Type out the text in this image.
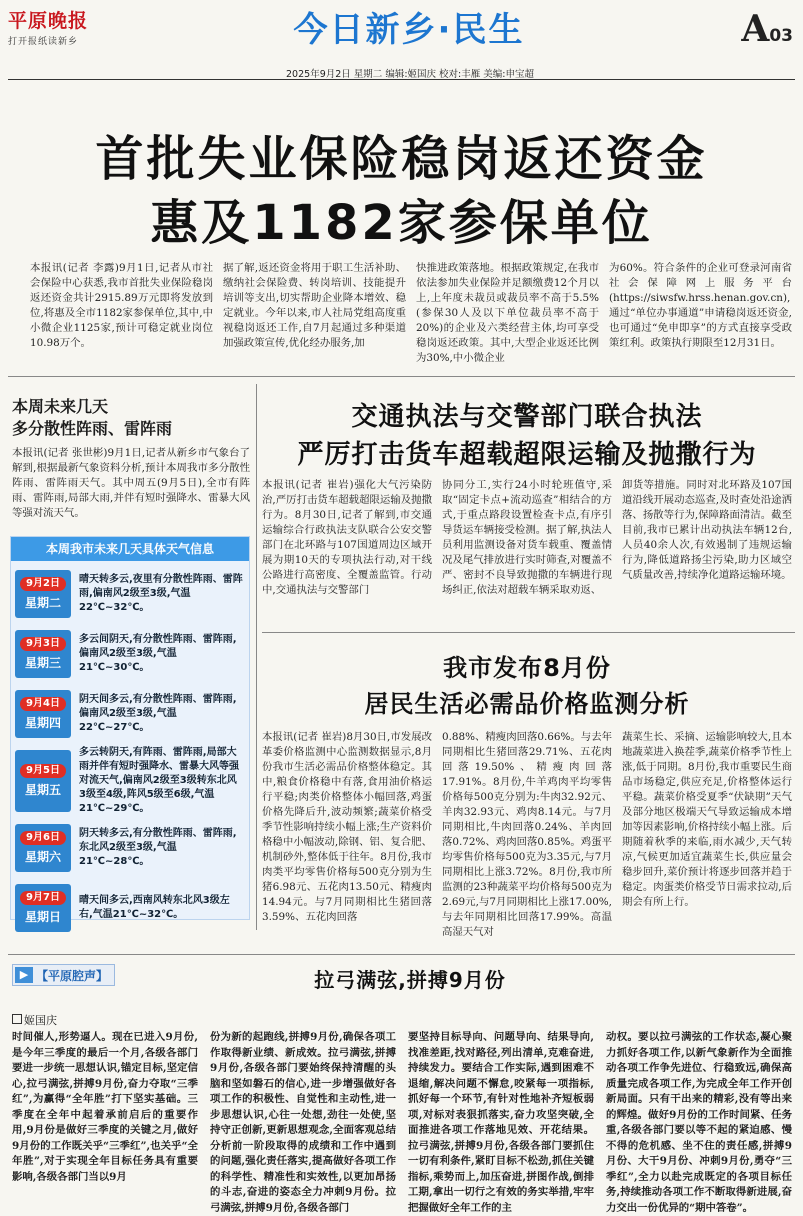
平原晚报
打开报纸读新乡	今日新乡·民生	A03
2025年9月2日 星期二 编辑:姬国庆 校对:丰雁 美编:申宝超
首批失业保险稳岗返还资金
惠及1182家参保单位
本报讯(记者 李露)9月1日,记者从市社会保险中心获悉,我市首批失业保险稳岗返还资金共计2915.89万元即将发放到位,将惠及全市1182家参保单位,其中,中小微企业1125家,预计可稳定就业岗位10.98万个。
据了解,返还资金将用于职工生活补助、缴纳社会保险费、转岗培训、技能提升培训等支出,切实帮助企业降本增效、稳定就业。今年以来,市人社局党组高度重视稳岗返还工作,自7月起通过多种渠道加强政策宣传,优化经办服务,加
快推进政策落地。根据政策规定,在我市依法参加失业保险并足额缴费12个月以上,上年度未裁员或裁员率不高于5.5%(参保30人及以下单位裁员率不高于20%)的企业及六类经营主体,均可享受稳岗返还政策。其中,大型企业返还比例为30%,中小微企业
为60%。符合条件的企业可登录河南省社会保障网上服务平台(https://siwsfw.hrss.henan.gov.cn),通过“单位办事通道”申请稳岗返还资金,也可通过“免申即享”的方式直接享受政策红利。政策执行期限至12月31日。
本周未来几天
多分散性阵雨、雷阵雨
本报讯(记者 张世彬)9月1日,记者从新乡市气象台了解到,根据最新气象资料分析,预计本周我市多分散性阵雨、雷阵雨天气。其中周五(9月5日),全市有阵雨、雷阵雨,局部大雨,并伴有短时强降水、雷暴大风等强对流天气。
本周我市未来几天具体天气信息
9月2日
星期二
晴天转多云,夜里有分散性阵雨、雷阵雨,偏南风2级至3级,气温22℃~32℃。
9月3日
星期三
多云间阴天,有分散性阵雨、雷阵雨,偏南风2级至3级,气温21℃~30℃。
9月4日
星期四
阴天间多云,有分散性阵雨、雷阵雨,偏南风2级至3级,气温22℃~27℃。
9月5日
星期五
多云转阴天,有阵雨、雷阵雨,局部大雨并伴有短时强降水、雷暴大风等强对流天气,偏南风2级至3级转东北风3级至4级,阵风5级至6级,气温21℃~29℃。
9月6日
星期六
阴天转多云,有分散性阵雨、雷阵雨,东北风2级至3级,气温21℃~28℃。
9月7日
星期日
晴天间多云,西南风转东北风3级左右,气温21℃~32℃。
交通执法与交警部门联合执法
严厉打击货车超载超限运输及抛撒行为
本报讯(记者 崔岩)强化大气污染防治,严厉打击货车超载超限运输及抛撒行为。8月30日,记者了解到,市交通运输综合行政执法支队联合公安交警部门在北环路与107国道周边区域开展为期10天的专项执法行动,对干线公路进行高密度、全覆盖监管。行动中,交通执法与交警部门
协同分工,实行24小时轮班值守,采取“固定卡点+流动巡查”相结合的方式,于重点路段设置检查卡点,有序引导货运车辆接受检测。据了解,执法人员利用监测设备对货车载重、覆盖情况及尾气排放进行实时筛查,对覆盖不严、密封不良导致抛撒的车辆进行现场纠正,依法对超载车辆采取劝返、
卸货等措施。同时对北环路及107国道沿线开展动态巡查,及时查处沿途洒落、扬散等行为,保障路面清洁。截至目前,我市已累计出动执法车辆12台,人员40余人次,有效遏制了违规运输行为,降低道路扬尘污染,助力区域空气质量改善,持续净化道路运输环境。
我市发布8月份
居民生活必需品价格监测分析
本报讯(记者 崔岩)8月30日,市发展改革委价格监测中心监测数据显示,8月份我市生活必需品价格整体稳定。其中,粮食价格稳中有落,食用油价格运行平稳;肉类价格整体小幅回落,鸡蛋价格先降后升,波动频繁;蔬菜价格受季节性影响持续小幅上涨;生产资料价格稳中小幅波动,除钢、铝、复合肥、机制砂外,整体低于往年。8月份,我市肉类平均零售价格每500克分别为生猪6.98元、五花肉13.50元、精瘦肉14.94元。与7月同期相比生猪回落3.59%、五花肉回落
0.88%、精瘦肉回落0.66%。与去年同期相比生猪回落29.71%、五花肉回落19.50%、精瘦肉回落17.91%。8月份,牛羊鸡肉平均零售价格每500克分别为:牛肉32.92元、羊肉32.93元、鸡肉8.14元。与7月同期相比,牛肉回落0.24%、羊肉回落0.72%、鸡肉回落0.85%。鸡蛋平均零售价格每500克为3.35元,与7月同期相比上涨3.72%。8月份,我市所监测的23种蔬菜平均价格每500克为2.69元,与7月同期相比上涨17.00%,与去年同期相比回落17.99%。高温高湿天气对
蔬菜生长、采摘、运输影响较大,且本地蔬菜进入换茬季,蔬菜价格季节性上涨,低于同期。8月份,我市重要民生商品市场稳定,供应充足,价格整体运行平稳。蔬菜价格受夏季“伏缺期”天气及部分地区极端天气导致运输成本增加等因素影响,价格持续小幅上涨。后期随着秋季的来临,雨水减少,天气转凉,气候更加适宜蔬菜生长,供应量会稳步回升,菜价预计将逐步回落并趋于稳定。肉蛋类价格受节日需求拉动,后期会有所上行。
▶ 【平原腔声】	拉弓满弦,拼搏9月份
姬国庆
时间催人,形势逼人。现在已进入9月份,是今年三季度的最后一个月,各级各部门要进一步统一思想认识,锚定目标,坚定信心,拉弓满弦,拼搏9月份,奋力夺取“三季红”,为赢得“全年胜”打下坚实基础。三季度在全年中起着承前启后的重要作用,9月份是做好三季度的关键之月,做好9月份的工作既关乎“三季红”,也关乎“全年胜”,对于实现全年目标任务具有重要影响,各级各部门当以9月
份为新的起跑线,拼搏9月份,确保各项工作取得新业绩、新成效。拉弓满弦,拼搏9月份,各级各部门要始终保持清醒的头脑和坚如磐石的信心,进一步增强做好各项工作的积极性、自觉性和主动性,进一步思想认识,心往一处想,劲往一处使,坚持守正创新,更新思想观念,全面客观总结分析前一阶段取得的成绩和工作中遇到的问题,强化责任落实,提高做好各项工作的科学性、精准性和实效性,以更加昂扬的斗志,奋进的姿态全力冲刺9月份。拉弓满弦,拼搏9月份,各级各部门
要坚持目标导向、问题导向、结果导向,找准差距,找对路径,列出清单,克难奋进,持续发力。要结合工作实际,遇到困难不退缩,解决问题不懈怠,咬紧每一项指标,抓好每一个环节,有针对性地补齐短板弱项,对标对表狠抓落实,奋力攻坚突破,全面推进各项工作落地见效、开花结果。拉弓满弦,拼搏9月份,各级各部门要抓住一切有利条件,紧盯目标不松劲,抓住关键指标,乘势而上,加压奋进,拼图作战,倒排工期,拿出一切行之有效的务实举措,牢牢把握做好全年工作的主
动权。要以拉弓满弦的工作状态,凝心聚力抓好各项工作,以新气象新作为全面推动各项工作争先进位、行稳致远,确保高质量完成各项工作,为完成全年工作开创新局面。只有干出来的精彩,没有等出来的辉煌。做好9月份的工作时间紧、任务重,各级各部门要以等不起的紧迫感、慢不得的危机感、坐不住的责任感,拼搏9月份、大干9月份、冲刺9月份,勇夺“三季红”,全力以赴完成既定的各项目标任务,持续推动各项工作不断取得新进展,奋力交出一份优异的“期中答卷”。
